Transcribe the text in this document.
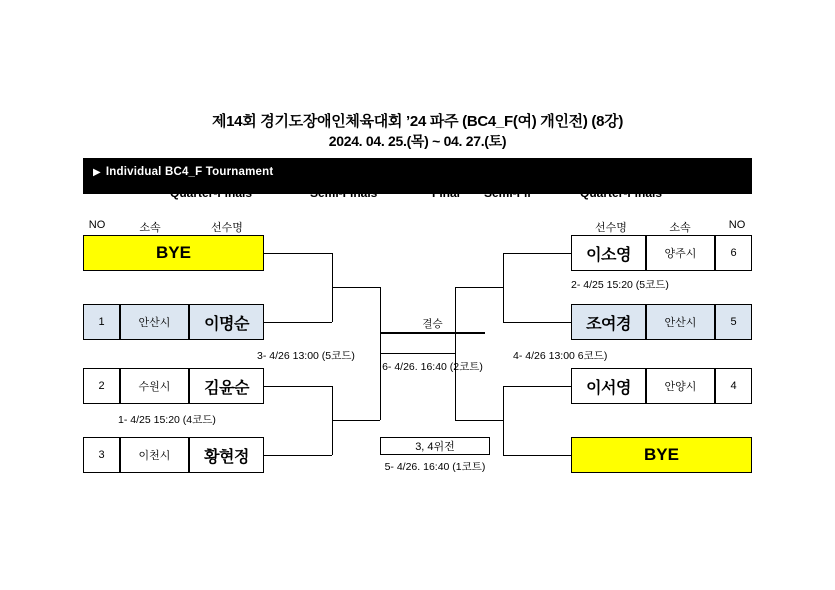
제14회 경기도장애인체육대회 ’24 파주 (BC4_F(여) 개인전) (8강)
2024. 04. 25.(목) ~ 04. 27.(토)
▶ Individual BC4_F Tournament
Quarter-Finals	Semi-Finals	Final Semi-Fir	Quarter-Finals
NO	소속	선수명	선수명	소속	NO
BYE
1	안산시	이명순
2	수원시	김윤순
3	이천시	황현정
이소영	양주시	6
조여경	안산시	5
이서영	안양시	4
BYE
3, 4위전
1- 4/25 15:20 (4코드)
3- 4/26 13:00 (5코드)
2- 4/25 15:20 (5코드)
4- 4/26 13:00 6코드)
결승
6- 4/26. 16:40 (2코트)
5- 4/26. 16:40 (1코트)
